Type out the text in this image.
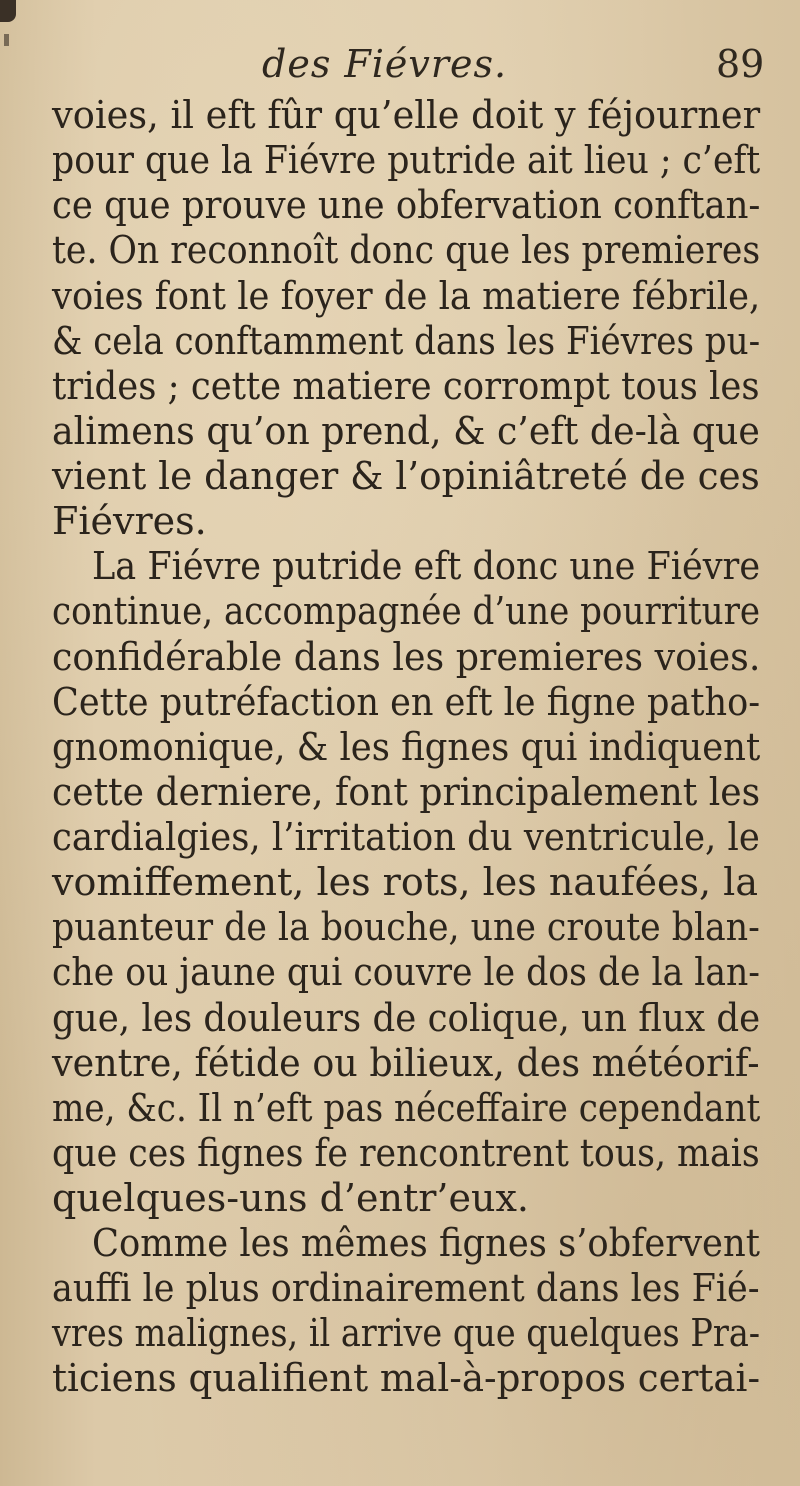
des Fiévres.	89
voies, il eft fûr qu’elle doit y féjourner
pour que la Fiévre putride ait lieu ; c’eft
ce que prouve une obfervation conftan-
te. On reconnoît donc que les premieres
voies font le foyer de la matiere fébrile,
& cela conftamment dans les Fiévres pu-
trides ; cette matiere corrompt tous les
alimens qu’on prend, & c’eft de-là que
vient le danger & l’opiniâtreté de ces
Fiévres.
La Fiévre putride eft donc une Fiévre
continue, accompagnée d’une pourriture
confidérable dans les premieres voies.
Cette putréfaction en eft le figne patho-
gnomonique, & les fignes qui indiquent
cette derniere, font principalement les
cardialgies, l’irritation du ventricule, le
vomiffement, les rots, les naufées, la
puanteur de la bouche, une croute blan-
che ou jaune qui couvre le dos de la lan-
gue, les douleurs de colique, un flux de
ventre, fétide ou bilieux, des météorif-
me, &c. Il n’eft pas néceffaire cependant
que ces fignes fe rencontrent tous, mais
quelques-uns d’entr’eux.
Comme les mêmes fignes s’obfervent
auffi le plus ordinairement dans les Fié-
vres malignes, il arrive que quelques Pra-
ticiens qualifient mal-à-propos certai-
